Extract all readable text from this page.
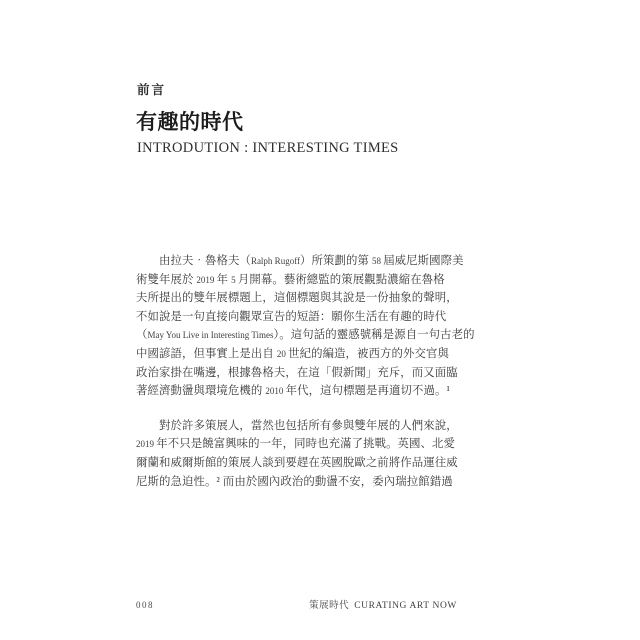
前言
有趣的時代
INTRODUTION : INTERESTING TIMES
由拉夫‧魯格夫（Ralph Rugoff）所策劃的第 58 屆威尼斯國際美
術雙年展於 2019 年 5 月開幕。藝術總監的策展觀點濃縮在魯格
夫所提出的雙年展標題上，這個標題與其說是一份抽象的聲明，
不如說是一句直接向觀眾宣告的短語：願你生活在有趣的時代
（May You Live in Interesting Times）。這句話的靈感號稱是源自一句古老的
中國諺語，但事實上是出自 20 世紀的編造，被西方的外交官與
政治家掛在嘴邊，根據魯格夫，在這「假新聞」充斥，而又面臨
著經濟動盪與環境危機的 2010 年代，這句標題是再適切不過。¹
對於許多策展人，當然也包括所有參與雙年展的人們來說，
2019 年不只是饒富興味的一年，同時也充滿了挑戰。英國、北愛
爾蘭和威爾斯館的策展人談到要趕在英國脫歐之前將作品運往威
尼斯的急迫性。² 而由於國內政治的動盪不安，委內瑞拉館錯過
008	策展時代 CURATING ART NOW
